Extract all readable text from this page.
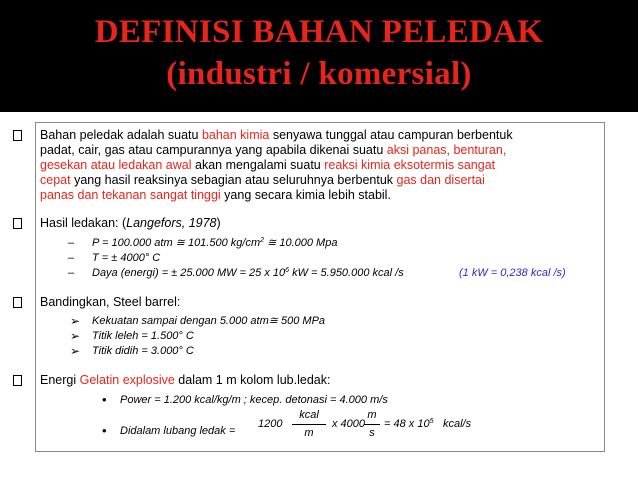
DEFINISI BAHAN PELEDAK
(industri / komersial)
Bahan peledak adalah suatu bahan kimia senyawa tunggal atau campuran berbentuk
padat, cair, gas atau campurannya yang apabila dikenai suatu aksi panas, benturan,
gesekan atau ledakan awal akan mengalami suatu reaksi kimia eksotermis sangat
cepat yang hasil reaksinya sebagian atau seluruhnya berbentuk gas dan disertai
panas dan tekanan sangat tinggi yang secara kimia lebih stabil.
Hasil ledakan: (Langefors, 1978)
– P = 100.000 atm ≅ 101.500 $kg/cm^2$ ≅ 10.000 Mpa
– T = ± 4000° C
– Daya (energi) = ± 25.000 MW = 25 x $10^6$ kW = 5.950.000 kcal /s	(1 kW = 0,238 kcal /s)
Bandingkan, Steel barrel:
➢ Kekuatan sampai dengan 5.000 atm≅ 500 MPa
➢ Titik leleh = 1.500° C
➢ Titik didih = 3.000° C
Energi Gelatin explosive dalam 1 m kolom lub.ledak:
• Power = 1.200 kcal/kg/m ; kecep. detonasi = 4.000 m/s
• Didalam lubang ledak =
1200
kcal
m
x 4000
m
s
= 48 x $10^5$ kcal/s
